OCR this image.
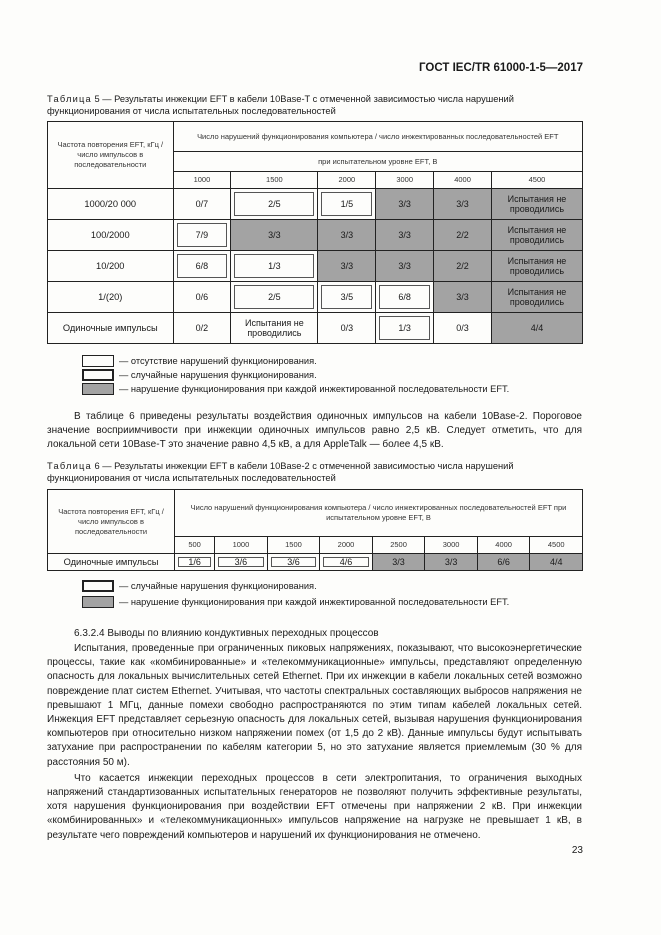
ГОСТ IEC/TR 61000-1-5—2017
Таблица 5 — Результаты инжекции EFT в кабели 10Base-T с отмеченной зависимостью числа нарушений функционирования от числа испытательных последовательностей
Частота повторения EFT, кГц / число импульсов в последовательности	Число нарушений функционирования компьютера / число инжектированных последовательностей EFT					
	при испытательном уровне EFT, В					
	1000	1500	2000	3000	4000	4500
1000/20 000	0/7	2/5	1/5	3/3	3/3	Испытания не проводились
100/2000	7/9	3/3	3/3	3/3	2/2	Испытания не проводились
10/200	6/8	1/3	3/3	3/3	2/2	Испытания не проводились
1/(20)	0/6	2/5	3/5	6/8	3/3	Испытания не проводились
Одиночные импульсы	0/2	Испытания не проводились	0/3	1/3	0/3	4/4
— отсутствие нарушений функционирования.
— случайные нарушения функционирования.
— нарушение функционирования при каждой инжектированной последовательности EFT.

В таблице 6 приведены результаты воздействия одиночных импульсов на кабели 10Base-2. Пороговое значение восприимчивости при инжекции одиночных импульсов равно 2,5 кВ. Следует отметить, что для локальной сети 10Base-T это значение равно 4,5 кВ, а для AppleTalk — более 4,5 кВ.

Таблица 6 — Результаты инжекции EFT в кабели 10Base-2 с отмеченной зависимостью числа нарушений функционирования от числа испытательных последовательностей
Частота повторения EFT, кГц / число импульсов в последовательности	Число нарушений функционирования компьютера / число инжектированных последовательностей EFT при испытательном уровне EFT, В							
	500	1000	1500	2000	2500	3000	4000	4500
Одиночные импульсы	1/6	3/6	3/6	4/6	3/3	3/3	6/6	4/4
— случайные нарушения функционирования.
— нарушение функционирования при каждой инжектированной последовательности EFT.
6.3.2.4 Выводы по влиянию кондуктивных переходных процессов

Испытания, проведенные при ограниченных пиковых напряжениях, показывают, что высокоэнергетические процессы, такие как «комбинированные» и «телекоммуникационные» импульсы, представляют определенную опасность для локальных вычислительных сетей Ethernet. При их инжекции в кабели локальных сетей возможно повреждение плат систем Ethernet. Учитывая, что частоты спектральных составляющих выбросов напряжения не превышают 1 МГц, данные помехи свободно распространяются по этим типам кабелей локальных сетей. Инжекция EFT представляет серьезную опасность для локальных сетей, вызывая нарушения функционирования компьютеров при относительно низком напряжении помех (от 1,5 до 2 кВ). Данные импульсы будут испытывать затухание при распространении по кабелям категории 5, но это затухание является приемлемым (30 % для расстояния 50 м).

Что касается инжекции переходных процессов в сети электропитания, то ограничения выходных напряжений стандартизованных испытательных генераторов не позволяют получить эффективные результаты, хотя нарушения функционирования при воздействии EFT отмечены при напряжении 2 кВ. При инжекции «комбинированных» и «телекоммуникационных» импульсов напряжение на нагрузке не превышает 1 кВ, в результате чего повреждений компьютеров и нарушений их функционирования не отмечено.

23
